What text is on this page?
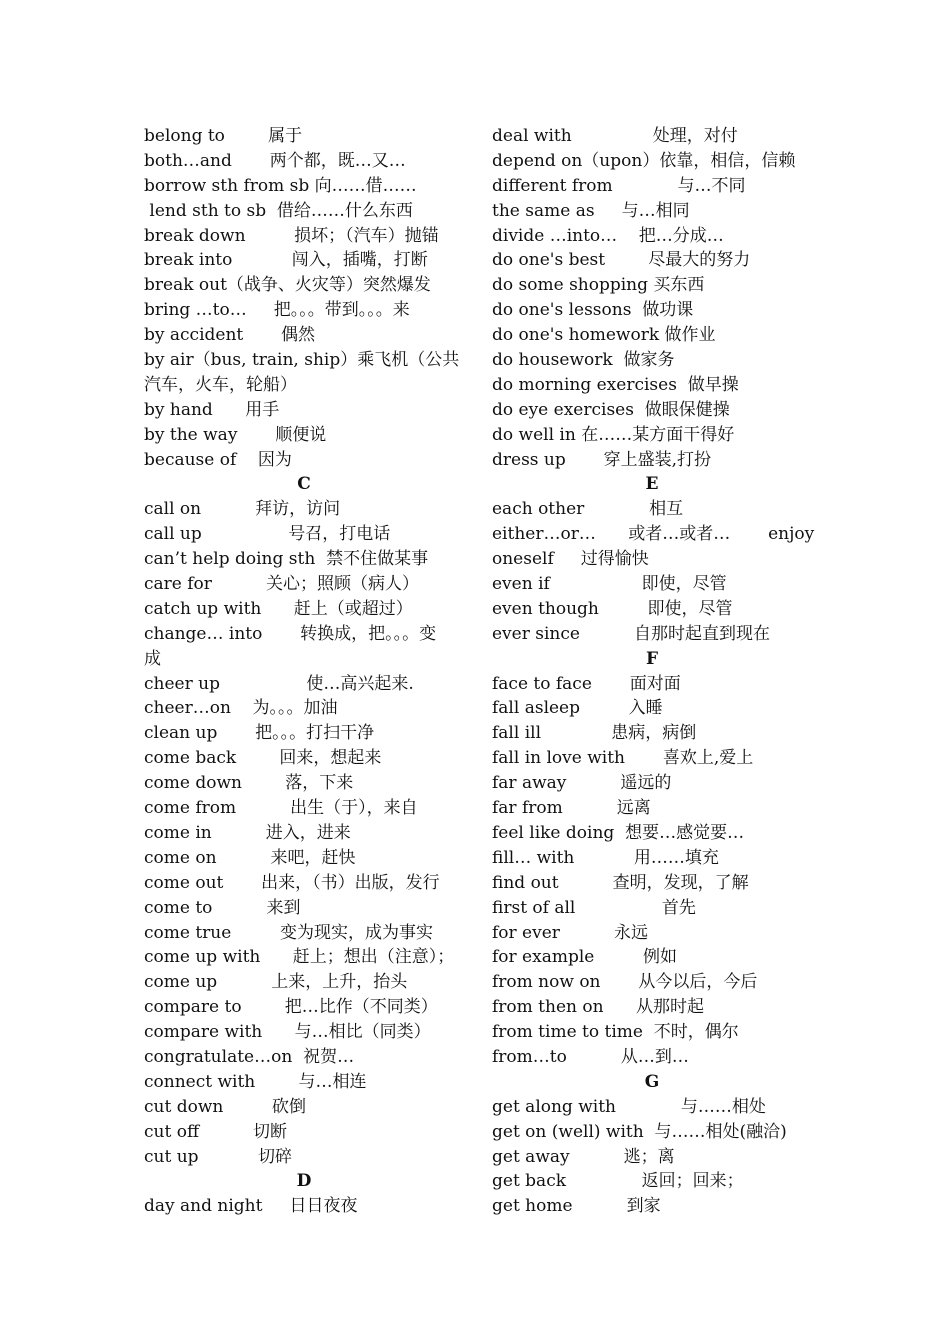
belong to        属于
both…and       两个都，既…又…
borrow sth from sb 向……借……
lend sth to sb  借给……什么东西
break down         损坏；（汽车）抛锚
break into           闯入，插嘴，打断
break out（战争、火灾等）突然爆发
bring …to…     把。。。带到。。。来
by accident       偶然
by air（bus, train, ship）乘飞机（公共
汽车，火车，轮船）
by hand      用手
by the way       顺便说
because of    因为
C
call on          拜访，访问
call up                号召，打电话
can’t help doing sth  禁不住做某事
care for          关心；照顾（病人）
catch up with      赶上（或超过）
change… into       转换成，把。。。变
成
cheer up                使…高兴起来.
cheer…on    为。。。加油
clean up       把。。。打扫干净
come back        回来，想起来
come down        落，下来
come from          出生（于），来自
come in          进入，进来
come on          来吧，赶快
come out       出来，（书）出版，发行
come to          来到
come true         变为现实，成为事实
come up with      赶上；想出（注意）；
come up          上来，上升，抬头
compare to        把…比作（不同类）
compare with      与…相比（同类）
congratulate…on  祝贺…
connect with        与…相连
cut down         砍倒
cut off          切断
cut up           切碎
D
day and night     日日夜夜
deal with               处理，对付
depend on（upon）依靠，相信，信赖
different from            与…不同
the same as     与…相同
divide …into…    把…分成…
do one's best        尽最大的努力
do some shopping 买东西
do one's lessons  做功课
do one's homework 做作业
do housework  做家务
do morning exercises  做早操
do eye exercises  做眼保健操
do well in 在……某方面干得好
dress up       穿上盛装,打扮
E
each other            相互
either…or…      或者…或者…       enjoy
oneself     过得愉快
even if                 即使，尽管
even though         即使，尽管
ever since          自那时起直到现在
F
face to face       面对面
fall asleep         入睡
fall ill             患病，病倒
fall in love with       喜欢上,爱上
far away          遥远的
far from          远离
feel like doing  想要…感觉要…
fill… with           用……填充
find out          查明，发现，了解
first of all                首先
for ever          永远
for example         例如
from now on       从今以后，今后
from then on      从那时起
from time to time  不时，偶尔
from…to          从…到…
G
get along with            与……相处
get on (well) with  与……相处(融洽)
get away          逃；离
get back              返回；回来；
get home          到家
